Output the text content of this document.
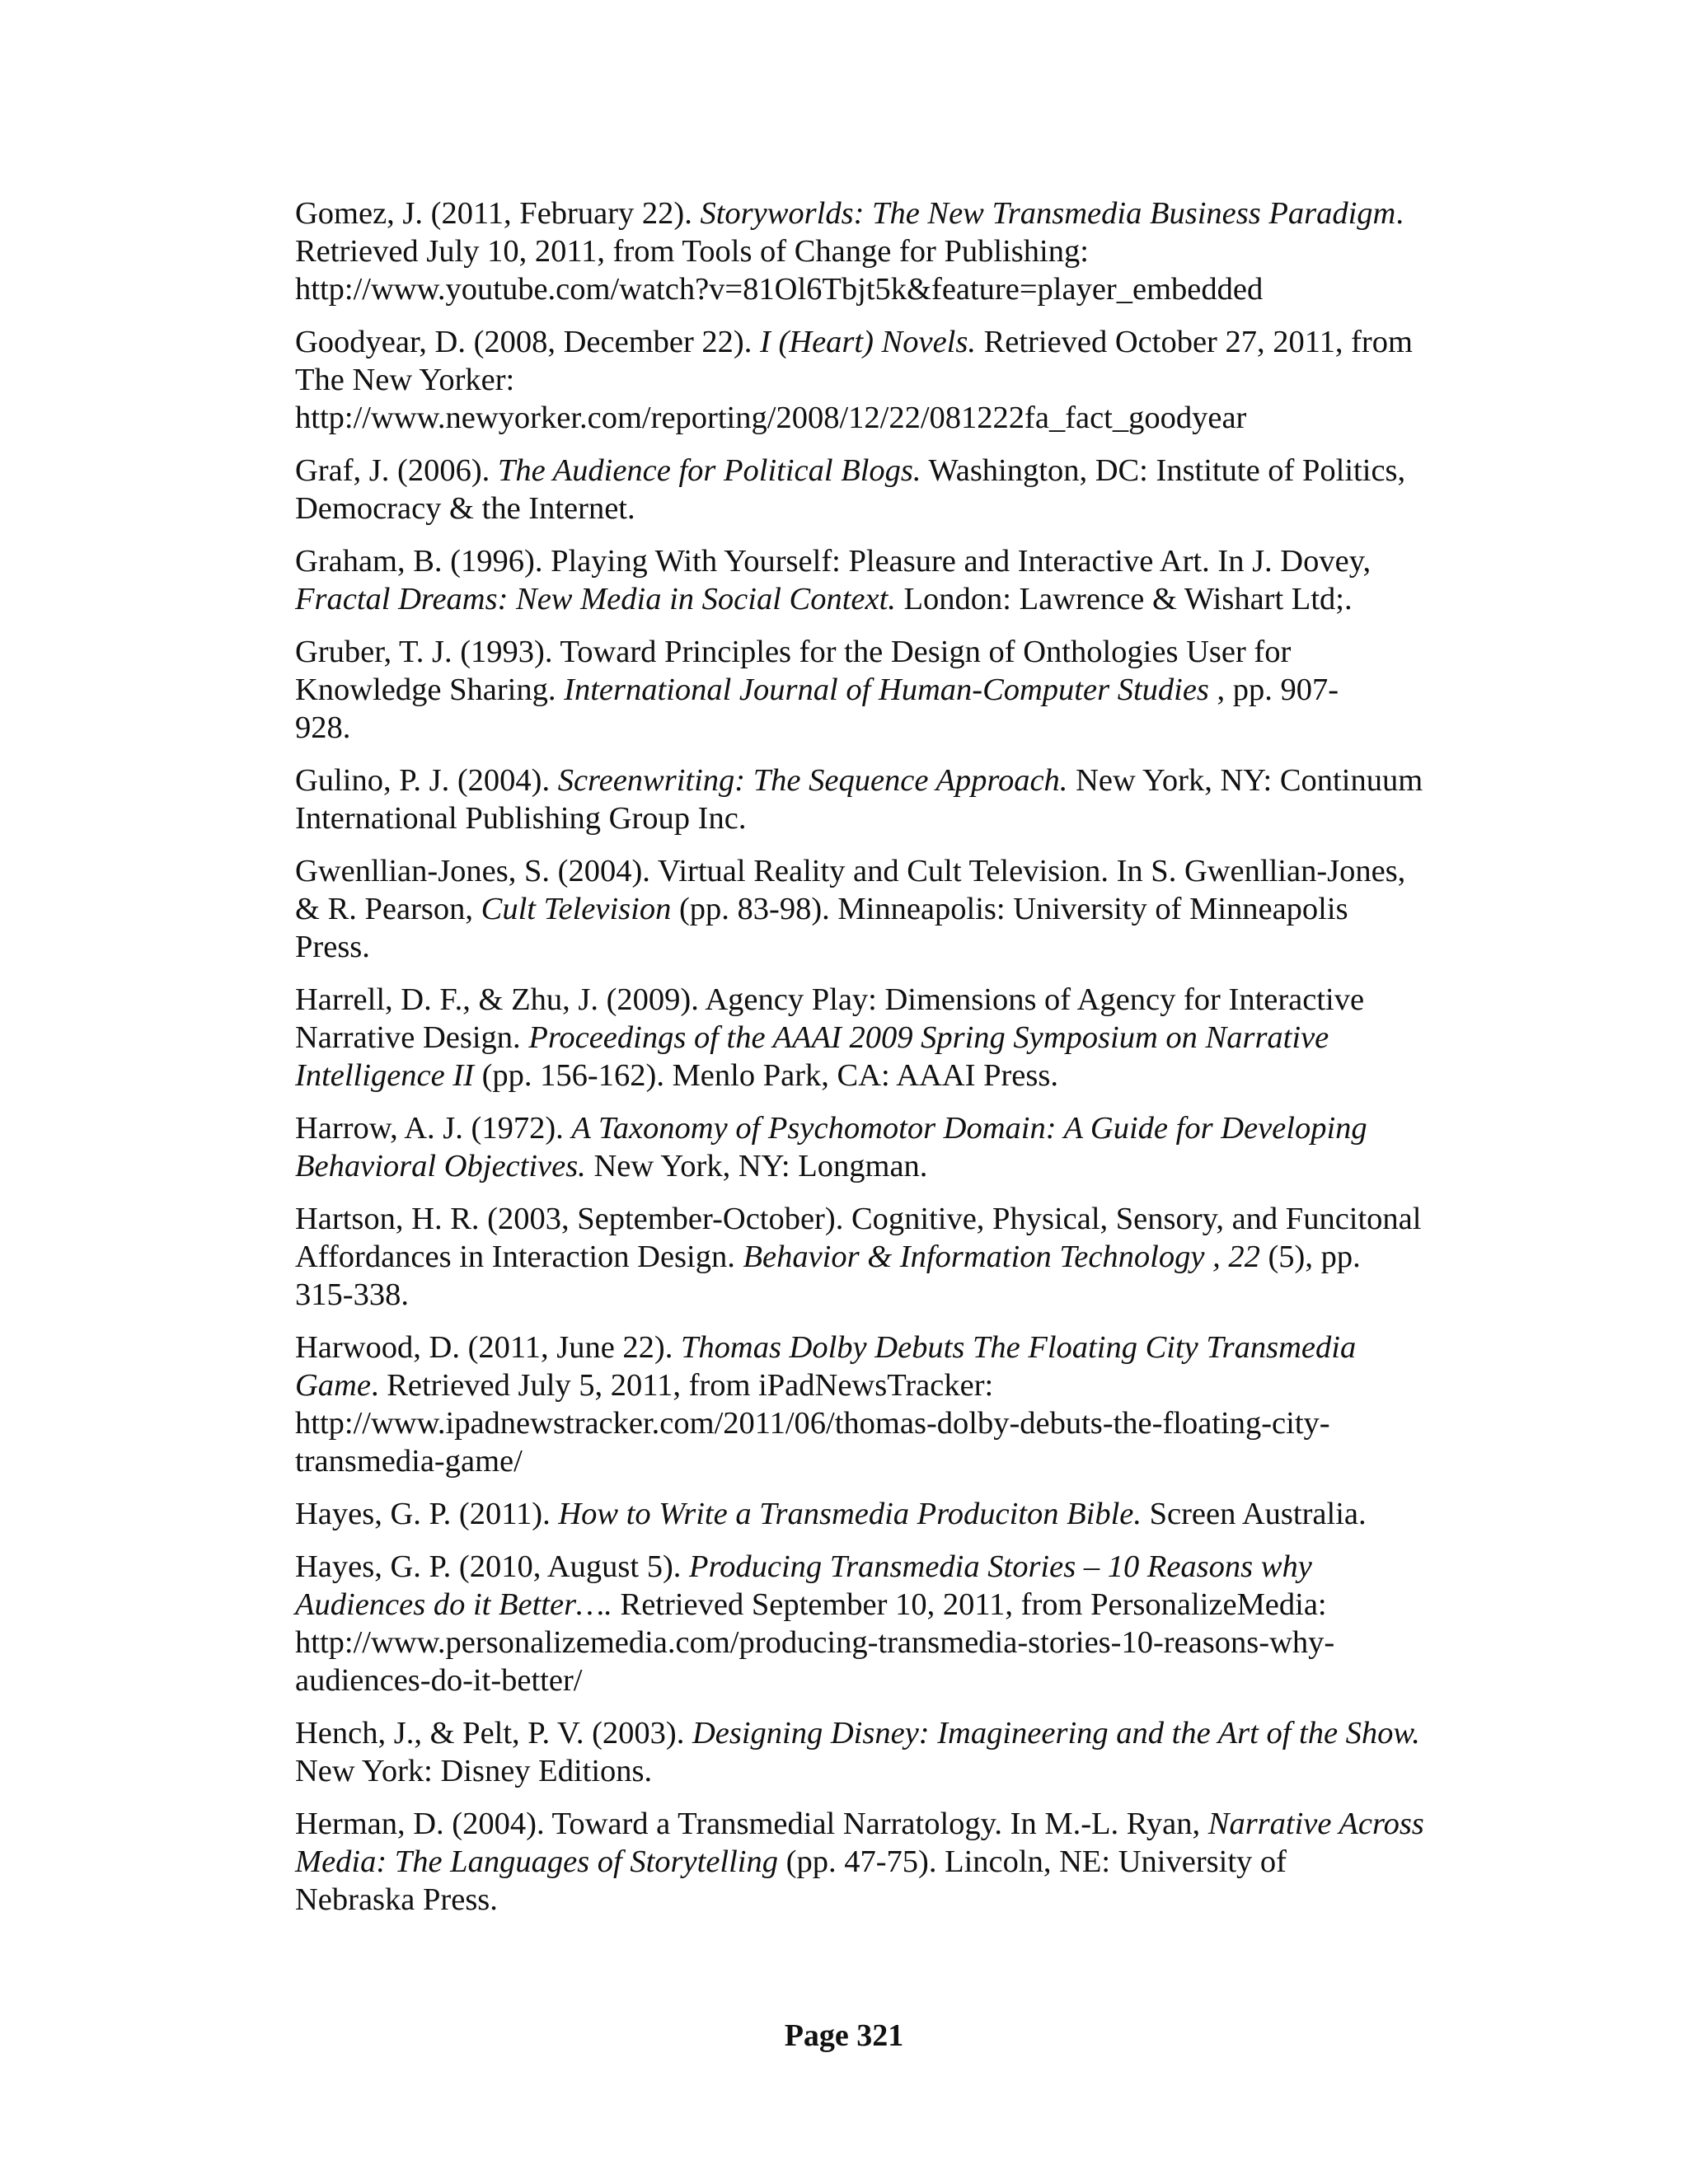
Gomez, J. (2011, February 22). Storyworlds: The New Transmedia Business Paradigm.
Retrieved July 10, 2011, from Tools of Change for Publishing:
http://www.youtube.com/watch?v=81Ol6Tbjt5k&feature=player_embedded
Goodyear, D. (2008, December 22). I (Heart) Novels. Retrieved October 27, 2011, from
The New Yorker:
http://www.newyorker.com/reporting/2008/12/22/081222fa_fact_goodyear
Graf, J. (2006). The Audience for Political Blogs. Washington, DC: Institute of Politics,
Democracy & the Internet.
Graham, B. (1996). Playing With Yourself: Pleasure and Interactive Art. In J. Dovey,
Fractal Dreams: New Media in Social Context. London: Lawrence & Wishart Ltd;.
Gruber, T. J. (1993). Toward Principles for the Design of Onthologies User for
Knowledge Sharing. International Journal of Human-Computer Studies , pp. 907-
928.
Gulino, P. J. (2004). Screenwriting: The Sequence Approach. New York, NY: Continuum
International Publishing Group Inc.
Gwenllian-Jones, S. (2004). Virtual Reality and Cult Television. In S. Gwenllian-Jones,
& R. Pearson, Cult Television (pp. 83-98). Minneapolis: University of Minneapolis
Press.
Harrell, D. F., & Zhu, J. (2009). Agency Play: Dimensions of Agency for Interactive
Narrative Design. Proceedings of the AAAI 2009 Spring Symposium on Narrative
Intelligence II (pp. 156-162). Menlo Park, CA: AAAI Press.
Harrow, A. J. (1972). A Taxonomy of Psychomotor Domain: A Guide for Developing
Behavioral Objectives. New York, NY: Longman.
Hartson, H. R. (2003, September-October). Cognitive, Physical, Sensory, and Funcitonal
Affordances in Interaction Design. Behavior & Information Technology , 22 (5), pp.
315-338.
Harwood, D. (2011, June 22). Thomas Dolby Debuts The Floating City Transmedia
Game. Retrieved July 5, 2011, from iPadNewsTracker:
http://www.ipadnewstracker.com/2011/06/thomas-dolby-debuts-the-floating-city-
transmedia-game/
Hayes, G. P. (2011). How to Write a Transmedia Produciton Bible. Screen Australia.
Hayes, G. P. (2010, August 5). Producing Transmedia Stories – 10 Reasons why
Audiences do it Better…. Retrieved September 10, 2011, from PersonalizeMedia:
http://www.personalizemedia.com/producing-transmedia-stories-10-reasons-why-
audiences-do-it-better/
Hench, J., & Pelt, P. V. (2003). Designing Disney: Imagineering and the Art of the Show.
New York: Disney Editions.
Herman, D. (2004). Toward a Transmedial Narratology. In M.-L. Ryan, Narrative Across
Media: The Languages of Storytelling (pp. 47-75). Lincoln, NE: University of
Nebraska Press.
Page 321
